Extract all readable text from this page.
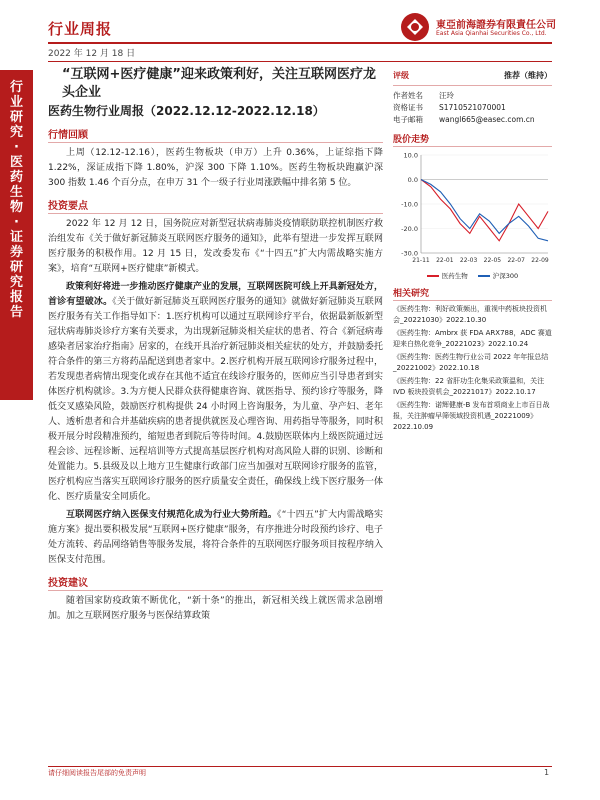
行业周报	東亞前海證券有限責任公司
East Asia Qianhai Securities Co., Ltd.
2022 年 12 月 18 日
行
业
研
究
·
医
药
生
物
·
证
券
研
究
报
告
“互联网+医疗健康”迎来政策利好，关注互联网医疗龙头企业
医药生物行业周报（2022.12.12-2022.12.18）
行情回顾

上周（12.12-12.16），医药生物板块（申万）上升 0.36%，上证综指下降 1.22%，深证成指下降 1.80%，沪深 300 下降 1.10%。医药生物板块跑赢沪深 300 指数 1.46 个百分点，在申万 31 个一级子行业周涨跌幅中排名第 5 位。

投资要点

2022 年 12 月 12 日，国务院应对新型冠状病毒肺炎疫情联防联控机制医疗救治组发布《关于做好新冠肺炎互联网医疗服务的通知》，此举有望进一步发挥互联网医疗服务的积极作用。12 月 15 日，发改委发布《“十四五”扩大内需战略实施方案》，培育“互联网+医疗健康”新模式。

政策利好将进一步推动医疗健康产业的发展，互联网医院可线上开具新冠处方，首诊有望破冰。《关于做好新冠肺炎互联网医疗服务的通知》就做好新冠肺炎互联网医疗服务有关工作指导如下：1.医疗机构可以通过互联网诊疗平台，依据最新版新型冠状病毒肺炎诊疗方案有关要求，为出现新冠肺炎相关症状的患者、符合《新冠病毒感染者居家治疗指南》居家的，在线开具治疗新冠肺炎相关症状的处方，并鼓励委托符合条件的第三方将药品配送到患者家中。2.医疗机构开展互联网诊疗服务过程中，若发现患者病情出现变化或存在其他不适宜在线诊疗服务的，医师应当引导患者到实体医疗机构就诊。3.为方便人民群众获得健康咨询、就医指导、预约诊疗等服务，降低交叉感染风险，鼓励医疗机构提供 24 小时网上咨询服务，为儿童、孕产妇、老年人、透析患者和合并基础疾病的患者提供就医及心理咨询、用药指导等服务，同时积极开展分时段精准预约，缩短患者到院后等待时间。4.鼓励医联体内上级医院通过远程会诊、远程诊断、远程培训等方式提高基层医疗机构对高风险人群的识别、诊断和处置能力。5.县级及以上地方卫生健康行政部门应当加强对互联网诊疗服务的监管，医疗机构应当落实互联网诊疗服务的医疗质量安全责任，确保线上线下医疗服务一体化、医疗质量安全同质化。

互联网医疗纳入医保支付规范化成为行业大势所趋。《“十四五”扩大内需战略实施方案》提出要积极发展“互联网+医疗健康”服务，有序推进分时段预约诊疗、电子处方流转、药品网络销售等服务发展，将符合条件的互联网医疗服务项目按程序纳入医保支付范围。

投资建议

随着国家防疫政策不断优化，“新十条”的推出，新冠相关线上就医需求急剧增加。加之互联网医疗服务与医保结算政策

评级	推荐（维持）
作者姓名	汪玲
资格证书	S1710521070001
电子邮箱	wangl665@easec.com.cn
股价走势
10.0
0.0
-10.0
-20.0
-30.0
21-11 22-01 22-03 22-05 22-07 22-09
医药生物	沪深300
相关研究

《医药生物：利好政策频出，重视中药板块投资机会_20221030》2022.10.30

《医药生物：Ambrx 获 FDA ARX788，ADC 赛道迎来白热化竞争_20221023》2022.10.24

《医药生物：医药生物行业公司 2022 年年报总结_20221002》2022.10.18

《医药生物：22 省肝功生化集采政策温和，关注 IVD 板块投资机会_20221017》2022.10.17

《医药生物：诺辉健康-B 发布首项商业上市百日战报，关注肿瘤早筛领域投资机遇_20221009》2022.10.09

请仔细阅读报告尾部的免责声明	1
